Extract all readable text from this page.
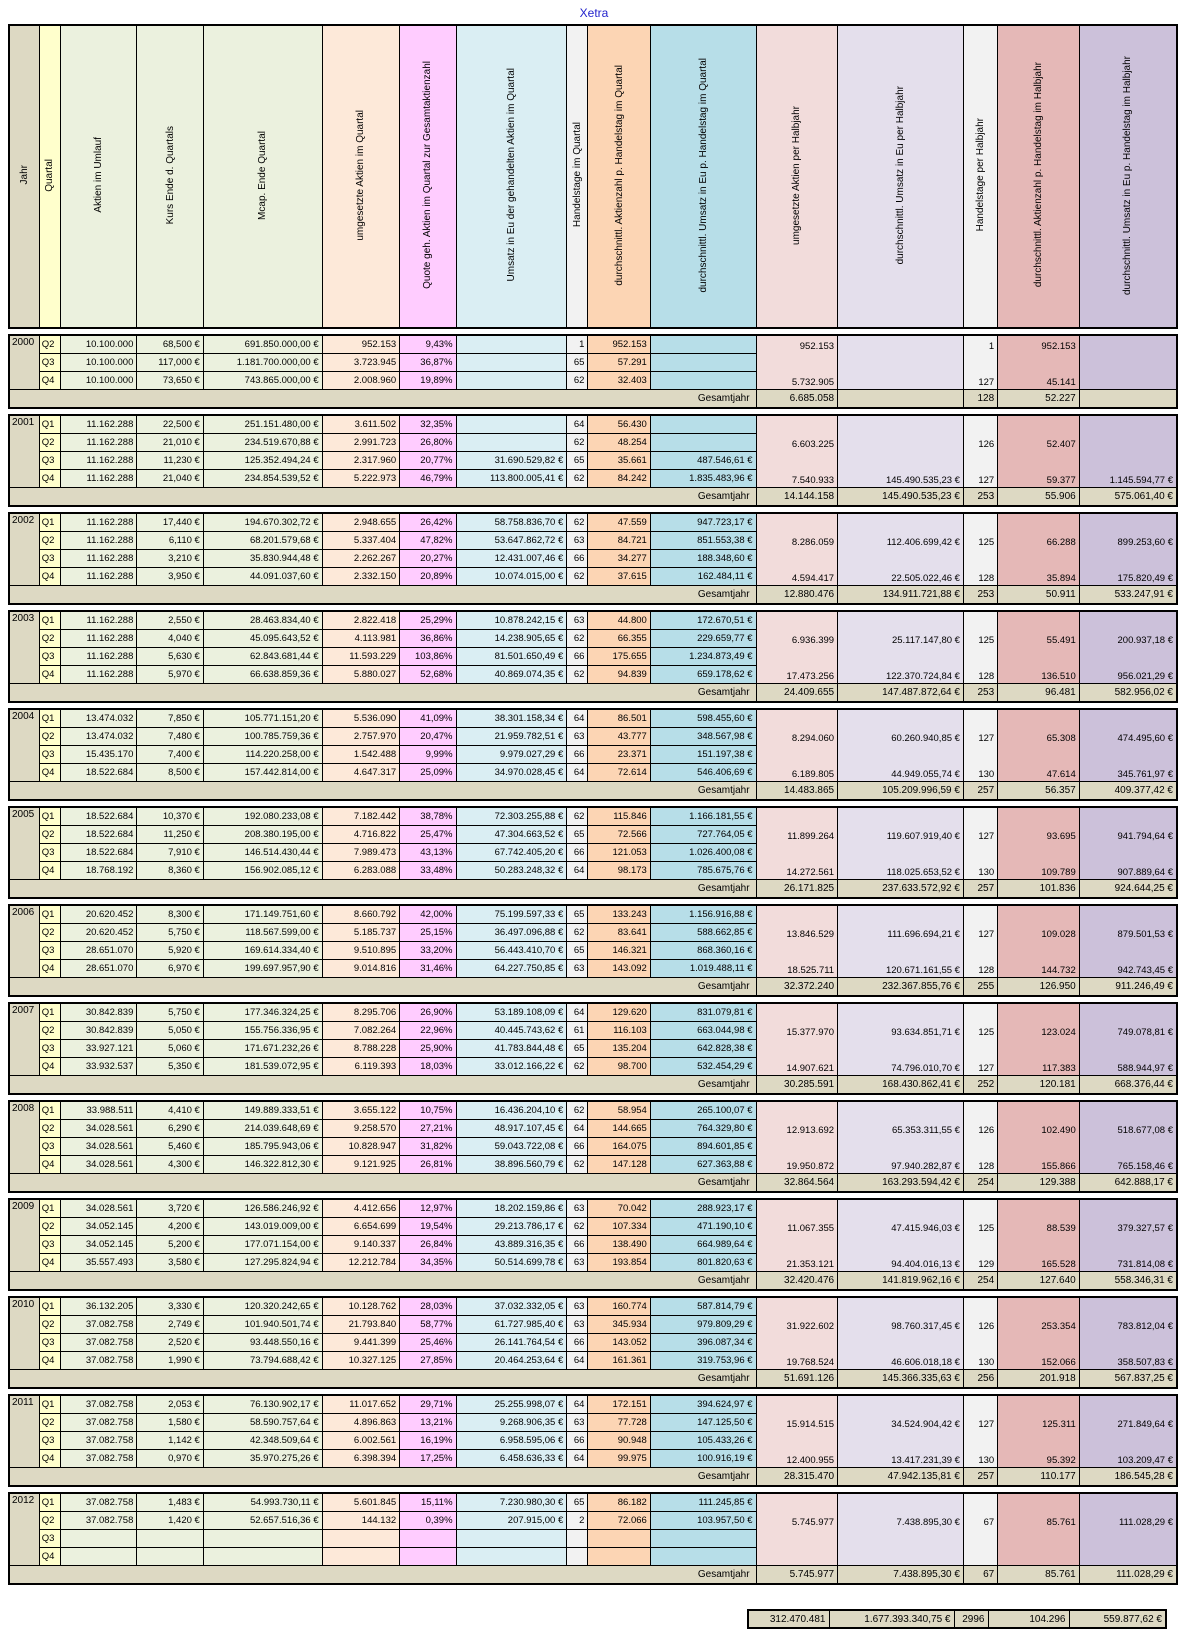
Xetra
Jahr	Quartal	Aktien im Umlauf	Kurs Ende d. Quartals	Mcap. Ende Quartal	umgesetzte Aktien im Quartal	Quote geh. Aktien im Quartal zur Gesamtaktienzahl	Umsatz in Eu der gehandelten Aktien im Quartal	Handelstage im Quartal	durchschnittl. Aktienzahl p. Handelstag im Quartal	durchschnittl. Umsatz in Eu p. Handelstag im Quartal	umgesetzte Aktien per Halbjahr	durchschnittl. Umsatz in Eu per Halbjahr	Handelstage per Halbjahr	durchschnittl. Aktienzahl p. Handelstag im Halbjahr	durchschnittl. Umsatz in Eu p. Handelstag im Halbjahr
2000	Q2	10.100.000	68,500 €	691.850.000,00 €	952.153	9,43%		1	952.153		952.153		1	952.153	
	Q3	10.100.000	117,000 €	1.181.700.000,00 €	3.723.945	36,87%		65	57.291		5.732.905		127	45.141	
	Q4	10.100.000	73,650 €	743.865.000,00 €	2.008.960	19,89%		62	32.403						
Gesamtjahr											6.685.058		128	52.227	
2001	Q1	11.162.288	22,500 €	251.151.480,00 €	3.611.502	32,35%		64	56.430		6.603.225		126	52.407	
	Q2	11.162.288	21,010 €	234.519.670,88 €	2.991.723	26,80%		62	48.254						
	Q3	11.162.288	11,230 €	125.352.494,24 €	2.317.960	20,77%	31.690.529,82 €	65	35.661	487.546,61 €	7.540.933	145.490.535,23 €	127	59.377	1.145.594,77 €
	Q4	11.162.288	21,040 €	234.854.539,52 €	5.222.973	46,79%	113.800.005,41 €	62	84.242	1.835.483,96 €					
Gesamtjahr											14.144.158	145.490.535,23 €	253	55.906	575.061,40 €
2002	Q1	11.162.288	17,440 €	194.670.302,72 €	2.948.655	26,42%	58.758.836,70 €	62	47.559	947.723,17 €	8.286.059	112.406.699,42 €	125	66.288	899.253,60 €
	Q2	11.162.288	6,110 €	68.201.579,68 €	5.337.404	47,82%	53.647.862,72 €	63	84.721	851.553,38 €					
	Q3	11.162.288	3,210 €	35.830.944,48 €	2.262.267	20,27%	12.431.007,46 €	66	34.277	188.348,60 €	4.594.417	22.505.022,46 €	128	35.894	175.820,49 €
	Q4	11.162.288	3,950 €	44.091.037,60 €	2.332.150	20,89%	10.074.015,00 €	62	37.615	162.484,11 €					
Gesamtjahr											12.880.476	134.911.721,88 €	253	50.911	533.247,91 €
2003	Q1	11.162.288	2,550 €	28.463.834,40 €	2.822.418	25,29%	10.878.242,15 €	63	44.800	172.670,51 €	6.936.399	25.117.147,80 €	125	55.491	200.937,18 €
	Q2	11.162.288	4,040 €	45.095.643,52 €	4.113.981	36,86%	14.238.905,65 €	62	66.355	229.659,77 €					
	Q3	11.162.288	5,630 €	62.843.681,44 €	11.593.229	103,86%	81.501.650,49 €	66	175.655	1.234.873,49 €	17.473.256	122.370.724,84 €	128	136.510	956.021,29 €
	Q4	11.162.288	5,970 €	66.638.859,36 €	5.880.027	52,68%	40.869.074,35 €	62	94.839	659.178,62 €					
Gesamtjahr											24.409.655	147.487.872,64 €	253	96.481	582.956,02 €
2004	Q1	13.474.032	7,850 €	105.771.151,20 €	5.536.090	41,09%	38.301.158,34 €	64	86.501	598.455,60 €	8.294.060	60.260.940,85 €	127	65.308	474.495,60 €
	Q2	13.474.032	7,480 €	100.785.759,36 €	2.757.970	20,47%	21.959.782,51 €	63	43.777	348.567,98 €					
	Q3	15.435.170	7,400 €	114.220.258,00 €	1.542.488	9,99%	9.979.027,29 €	66	23.371	151.197,38 €	6.189.805	44.949.055,74 €	130	47.614	345.761,97 €
	Q4	18.522.684	8,500 €	157.442.814,00 €	4.647.317	25,09%	34.970.028,45 €	64	72.614	546.406,69 €					
Gesamtjahr											14.483.865	105.209.996,59 €	257	56.357	409.377,42 €
2005	Q1	18.522.684	10,370 €	192.080.233,08 €	7.182.442	38,78%	72.303.255,88 €	62	115.846	1.166.181,55 €	11.899.264	119.607.919,40 €	127	93.695	941.794,64 €
	Q2	18.522.684	11,250 €	208.380.195,00 €	4.716.822	25,47%	47.304.663,52 €	65	72.566	727.764,05 €					
	Q3	18.522.684	7,910 €	146.514.430,44 €	7.989.473	43,13%	67.742.405,20 €	66	121.053	1.026.400,08 €	14.272.561	118.025.653,52 €	130	109.789	907.889,64 €
	Q4	18.768.192	8,360 €	156.902.085,12 €	6.283.088	33,48%	50.283.248,32 €	64	98.173	785.675,76 €					
Gesamtjahr											26.171.825	237.633.572,92 €	257	101.836	924.644,25 €
2006	Q1	20.620.452	8,300 €	171.149.751,60 €	8.660.792	42,00%	75.199.597,33 €	65	133.243	1.156.916,88 €	13.846.529	111.696.694,21 €	127	109.028	879.501,53 €
	Q2	20.620.452	5,750 €	118.567.599,00 €	5.185.737	25,15%	36.497.096,88 €	62	83.641	588.662,85 €					
	Q3	28.651.070	5,920 €	169.614.334,40 €	9.510.895	33,20%	56.443.410,70 €	65	146.321	868.360,16 €	18.525.711	120.671.161,55 €	128	144.732	942.743,45 €
	Q4	28.651.070	6,970 €	199.697.957,90 €	9.014.816	31,46%	64.227.750,85 €	63	143.092	1.019.488,11 €					
Gesamtjahr											32.372.240	232.367.855,76 €	255	126.950	911.246,49 €
2007	Q1	30.842.839	5,750 €	177.346.324,25 €	8.295.706	26,90%	53.189.108,09 €	64	129.620	831.079,81 €	15.377.970	93.634.851,71 €	125	123.024	749.078,81 €
	Q2	30.842.839	5,050 €	155.756.336,95 €	7.082.264	22,96%	40.445.743,62 €	61	116.103	663.044,98 €					
	Q3	33.927.121	5,060 €	171.671.232,26 €	8.788.228	25,90%	41.783.844,48 €	65	135.204	642.828,38 €	14.907.621	74.796.010,70 €	127	117.383	588.944,97 €
	Q4	33.932.537	5,350 €	181.539.072,95 €	6.119.393	18,03%	33.012.166,22 €	62	98.700	532.454,29 €					
Gesamtjahr											30.285.591	168.430.862,41 €	252	120.181	668.376,44 €
2008	Q1	33.988.511	4,410 €	149.889.333,51 €	3.655.122	10,75%	16.436.204,10 €	62	58.954	265.100,07 €	12.913.692	65.353.311,55 €	126	102.490	518.677,08 €
	Q2	34.028.561	6,290 €	214.039.648,69 €	9.258.570	27,21%	48.917.107,45 €	64	144.665	764.329,80 €					
	Q3	34.028.561	5,460 €	185.795.943,06 €	10.828.947	31,82%	59.043.722,08 €	66	164.075	894.601,85 €	19.950.872	97.940.282,87 €	128	155.866	765.158,46 €
	Q4	34.028.561	4,300 €	146.322.812,30 €	9.121.925	26,81%	38.896.560,79 €	62	147.128	627.363,88 €					
Gesamtjahr											32.864.564	163.293.594,42 €	254	129.388	642.888,17 €
2009	Q1	34.028.561	3,720 €	126.586.246,92 €	4.412.656	12,97%	18.202.159,86 €	63	70.042	288.923,17 €	11.067.355	47.415.946,03 €	125	88.539	379.327,57 €
	Q2	34.052.145	4,200 €	143.019.009,00 €	6.654.699	19,54%	29.213.786,17 €	62	107.334	471.190,10 €					
	Q3	34.052.145	5,200 €	177.071.154,00 €	9.140.337	26,84%	43.889.316,35 €	66	138.490	664.989,64 €	21.353.121	94.404.016,13 €	129	165.528	731.814,08 €
	Q4	35.557.493	3,580 €	127.295.824,94 €	12.212.784	34,35%	50.514.699,78 €	63	193.854	801.820,63 €					
Gesamtjahr											32.420.476	141.819.962,16 €	254	127.640	558.346,31 €
2010	Q1	36.132.205	3,330 €	120.320.242,65 €	10.128.762	28,03%	37.032.332,05 €	63	160.774	587.814,79 €	31.922.602	98.760.317,45 €	126	253.354	783.812,04 €
	Q2	37.082.758	2,749 €	101.940.501,74 €	21.793.840	58,77%	61.727.985,40 €	63	345.934	979.809,29 €					
	Q3	37.082.758	2,520 €	93.448.550,16 €	9.441.399	25,46%	26.141.764,54 €	66	143.052	396.087,34 €	19.768.524	46.606.018,18 €	130	152.066	358.507,83 €
	Q4	37.082.758	1,990 €	73.794.688,42 €	10.327.125	27,85%	20.464.253,64 €	64	161.361	319.753,96 €					
Gesamtjahr											51.691.126	145.366.335,63 €	256	201.918	567.837,25 €
2011	Q1	37.082.758	2,053 €	76.130.902,17 €	11.017.652	29,71%	25.255.998,07 €	64	172.151	394.624,97 €	15.914.515	34.524.904,42 €	127	125.311	271.849,64 €
	Q2	37.082.758	1,580 €	58.590.757,64 €	4.896.863	13,21%	9.268.906,35 €	63	77.728	147.125,50 €					
	Q3	37.082.758	1,142 €	42.348.509,64 €	6.002.561	16,19%	6.958.595,06 €	66	90.948	105.433,26 €	12.400.955	13.417.231,39 €	130	95.392	103.209,47 €
	Q4	37.082.758	0,970 €	35.970.275,26 €	6.398.394	17,25%	6.458.636,33 €	64	99.975	100.916,19 €					
Gesamtjahr											28.315.470	47.942.135,81 €	257	110.177	186.545,28 €
2012	Q1	37.082.758	1,483 €	54.993.730,11 €	5.601.845	15,11%	7.230.980,30 €	65	86.182	111.245,85 €	5.745.977	7.438.895,30 €	67	85.761	111.028,29 €
	Q2	37.082.758	1,420 €	52.657.516,36 €	144.132	0,39%	207.915,00 €	2	72.066	103.957,50 €					
	Q3														
	Q4														
Gesamtjahr											5.745.977	7.438.895,30 €	67	85.761	111.028,29 €
312.470.481	1.677.393.340,75 €	2996	104.296	559.877,62 €
